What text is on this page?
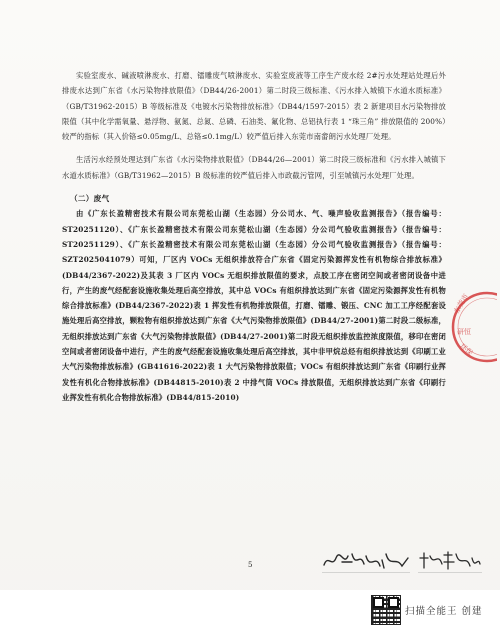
实验室废水、碱液喷淋废水、打磨、镭雕废气喷淋废水、实验室废液等工序生产废水经 2#污水处理站处理后外排废水达到广东省《水污染物排放限值》（DB44/26-2001）第二时段三级标准、《污水排入城镇下水道水质标准》（GB/T31962-2015）B 等级标准及《电镀水污染物排放标准》（DB44/1597-2015）表 2 新建项目水污染物排放限值（其中化学需氧量、悬浮物、氨氮、总氮、总磷、石油类、氟化物、总铝执行表 1 “珠三角” 排放限值的 200%）较严的指标（其入价铬≤0.05mg/L、总铬≤0.1mg/L）较严值后排入东莞市南畲朗污水处理厂处理。

生活污水经预处理达到广东省《水污染物排放限值》（DB44/26—2001）第二时段三级标准和《污水排入城镇下水道水质标准》（GB/T31962—2015）B 级标准的较严值后排入市政截污管网，引至城镇污水处理厂处理。

（二）废气

由《广东长盈精密技术有限公司东莞松山湖（生态园）分公司水、气、噪声验收监测报告》（报告编号：ST20251120）、《广东长盈精密技术有限公司东莞松山湖（生态园）分公司气验收监测报告》（报告编号：ST20251129）、《广东长盈精密技术有限公司东莞松山湖（生态园）分公司气验收监测报告》（报告编号：SZT2025041079）可知，厂区内 VOCs 无组织排放符合广东省《固定污染源挥发性有机物综合排放标准》(DB44/2367-2022)及其表 3 厂区内 VOCs 无组织排放限值的要求，点胶工序在密闭空间或者密闭设备中进行，产生的废气经配套设施收集处理后高空排放，其中总 VOCs 有组织排放达到广东省《固定污染源挥发性有机物综合排放标准》(DB44/2367-2022)表 1 挥发性有机物排放限值，打磨、镭雕、锻压、CNC 加工工序经配套设施处理后高空排放，颗粒物有组织排放达到广东省《大气污染物排放限值》(DB44/27-2001)第二时段二级标准，无组织排放达到广东省《大气污染物排放限值》(DB44/27-2001)第二时段无组织排放监控浓度限值，移印在密闭空间或者密闭设备中进行，产生的废气经配套设施收集处理后高空排放，其中非甲烷总烃有组织排放达到《印刷工业大气污染物排放标准》(GB41616-2022)表 1 大气污染物排放限值；VOCs 有组织排放达到广东省《印刷行业挥发性有机化合物排放标准》(DB44815-2010)表 2 中排气筒 VOCs 排放限值，无组织排放达到广东省《印刷行业挥发性有机化合物排放标准》(DB44/815-2010)

东莞市
研恒
环保
5
扫描全能王 创建
